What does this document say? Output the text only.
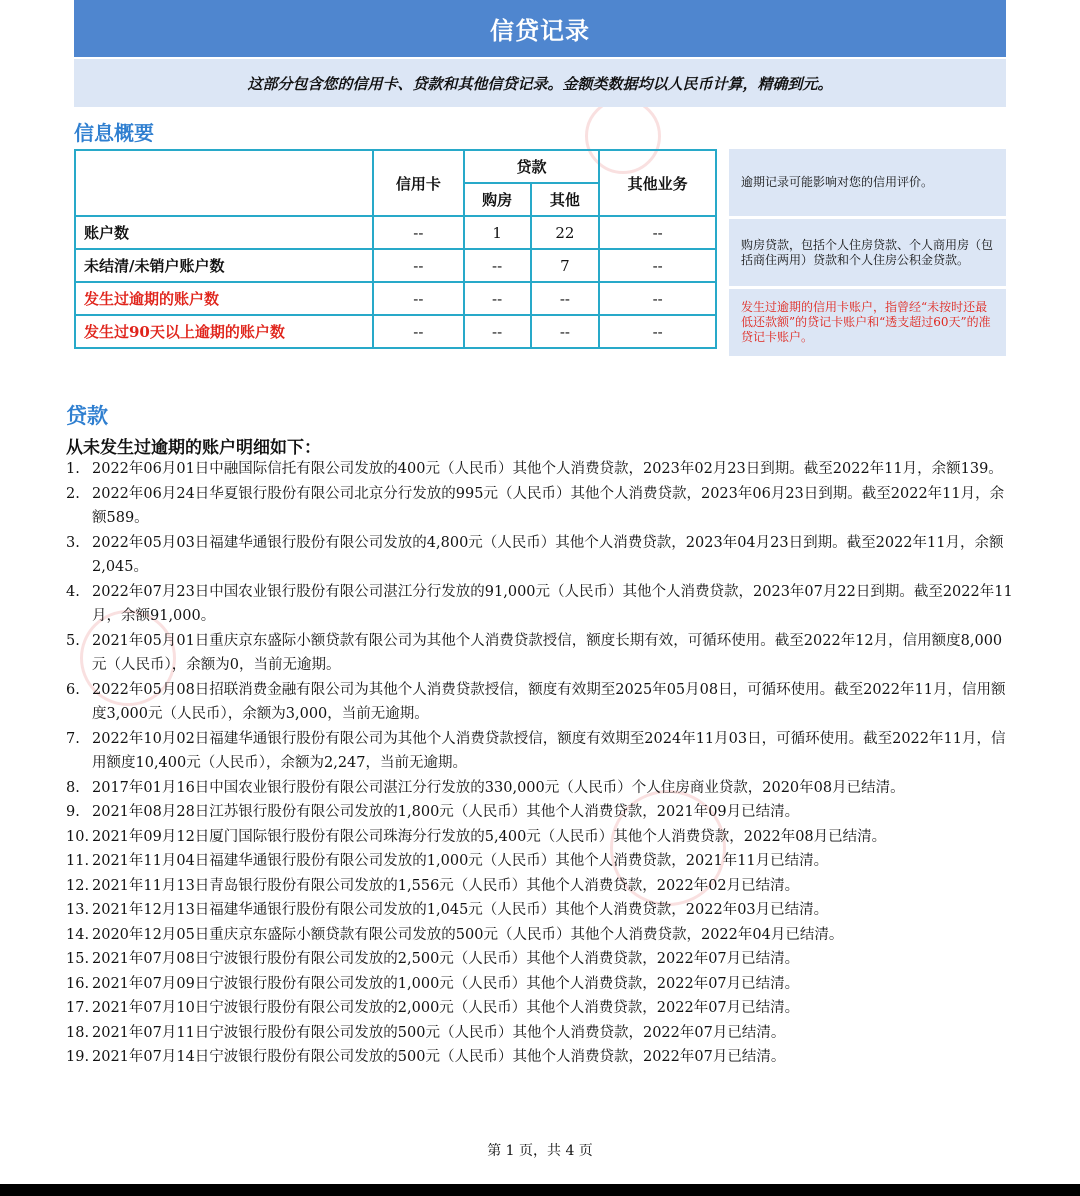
信贷记录
这部分包含您的信用卡、贷款和其他信贷记录。金额类数据均以人民币计算，精确到元。
信息概要
	信用卡	贷款		其他业务
		购房	其他	
账户数	--	1	22	--
未结清/未销户账户数	--	--	7	--
发生过逾期的账户数	--	--	--	--
发生过90天以上逾期的账户数	--	--	--	--
逾期记录可能影响对您的信用评价。
购房贷款，包括个人住房贷款、个人商用房（包括商住两用）贷款和个人住房公积金贷款。
发生过逾期的信用卡账户，指曾经“未按时还最低还款额”的贷记卡账户和“透支超过60天”的准贷记卡账户。
贷款
从未发生过逾期的账户明细如下：
1. 2022年06月01日中融国际信托有限公司发放的400元（人民币）其他个人消费贷款，2023年02月23日到期。截至2022年11月，余额139。
2. 2022年06月24日华夏银行股份有限公司北京分行发放的995元（人民币）其他个人消费贷款，2023年06月23日到期。截至2022年11月，余额589。
3. 2022年05月03日福建华通银行股份有限公司发放的4,800元（人民币）其他个人消费贷款，2023年04月23日到期。截至2022年11月，余额2,045。
4. 2022年07月23日中国农业银行股份有限公司湛江分行发放的91,000元（人民币）其他个人消费贷款，2023年07月22日到期。截至2022年11月，余额91,000。
5. 2021年05月01日重庆京东盛际小额贷款有限公司为其他个人消费贷款授信，额度长期有效，可循环使用。截至2022年12月，信用额度8,000元（人民币），余额为0，当前无逾期。
6. 2022年05月08日招联消费金融有限公司为其他个人消费贷款授信，额度有效期至2025年05月08日，可循环使用。截至2022年11月，信用额度3,000元（人民币），余额为3,000，当前无逾期。
7. 2022年10月02日福建华通银行股份有限公司为其他个人消费贷款授信，额度有效期至2024年11月03日，可循环使用。截至2022年11月，信用额度10,400元（人民币），余额为2,247，当前无逾期。
8. 2017年01月16日中国农业银行股份有限公司湛江分行发放的330,000元（人民币）个人住房商业贷款，2020年08月已结清。
9. 2021年08月28日江苏银行股份有限公司发放的1,800元（人民币）其他个人消费贷款，2021年09月已结清。
10. 2021年09月12日厦门国际银行股份有限公司珠海分行发放的5,400元（人民币）其他个人消费贷款，2022年08月已结清。
11. 2021年11月04日福建华通银行股份有限公司发放的1,000元（人民币）其他个人消费贷款，2021年11月已结清。
12. 2021年11月13日青岛银行股份有限公司发放的1,556元（人民币）其他个人消费贷款，2022年02月已结清。
13. 2021年12月13日福建华通银行股份有限公司发放的1,045元（人民币）其他个人消费贷款，2022年03月已结清。
14. 2020年12月05日重庆京东盛际小额贷款有限公司发放的500元（人民币）其他个人消费贷款，2022年04月已结清。
15. 2021年07月08日宁波银行股份有限公司发放的2,500元（人民币）其他个人消费贷款，2022年07月已结清。
16. 2021年07月09日宁波银行股份有限公司发放的1,000元（人民币）其他个人消费贷款，2022年07月已结清。
17. 2021年07月10日宁波银行股份有限公司发放的2,000元（人民币）其他个人消费贷款，2022年07月已结清。
18. 2021年07月11日宁波银行股份有限公司发放的500元（人民币）其他个人消费贷款，2022年07月已结清。
19. 2021年07月14日宁波银行股份有限公司发放的500元（人民币）其他个人消费贷款，2022年07月已结清。
第 1 页，共 4 页
